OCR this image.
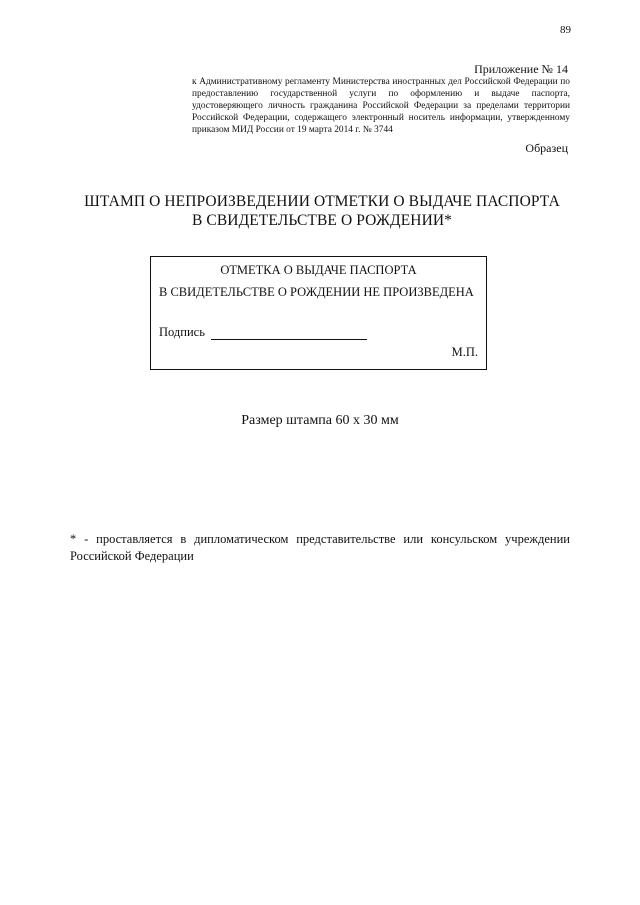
89
Приложение № 14
к Административному регламенту Министерства иностранных дел Российской Федерации по предоставлению государственной услуги по оформлению и выдаче паспорта, удостоверяющего личность гражданина Российской Федерации за пределами территории Российской Федерации, содержащего электронный носитель информации, утвержденному приказом МИД России от 19 марта 2014 г. № 3744
Образец
ШТАМП О НЕПРОИЗВЕДЕНИИ ОТМЕТКИ О ВЫДАЧЕ ПАСПОРТА
В СВИДЕТЕЛЬСТВЕ О РОЖДЕНИИ*
ОТМЕТКА О ВЫДАЧЕ ПАСПОРТА
В СВИДЕТЕЛЬСТВЕ О РОЖДЕНИИ НЕ ПРОИЗВЕДЕНА
Подпись
М.П.
Размер штампа 60 х 30 мм
* - проставляется в дипломатическом представительстве или консульском учреждении Российской Федерации
